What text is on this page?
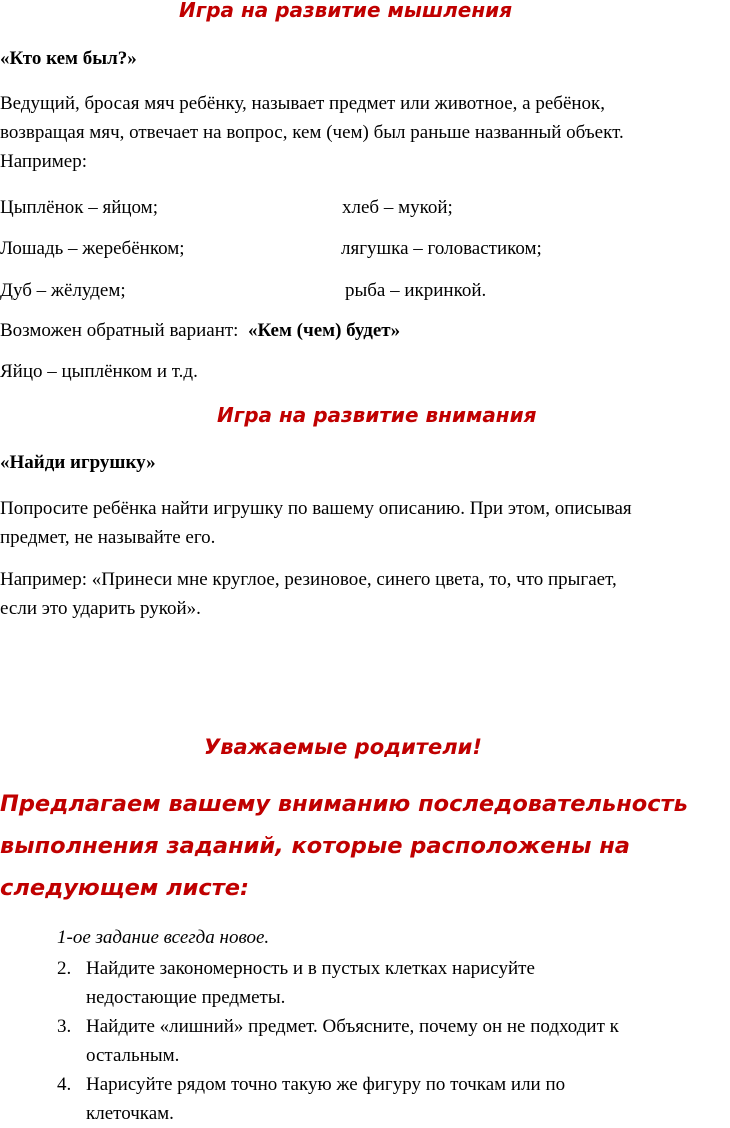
Игра на развитие мышления
«Кто кем был?»
Ведущий, бросая мяч ребёнку, называет предмет или животное, а ребёнок,
возвращая мяч, отвечает на вопрос, кем (чем) был раньше названный объект.
Например:
Цыплёнок – яйцом;	хлеб – мукой;
Лошадь – жеребёнком;	лягушка – головастиком;
Дуб – жёлудем;	рыба – икринкой.
Возможен обратный вариант:  «Кем (чем) будет»
Яйцо – цыплёнком и т.д.
Игра на развитие внимания
«Найди игрушку»
Попросите ребёнка найти игрушку по вашему описанию. При этом, описывая
предмет, не называйте его.
Например: «Принеси мне круглое, резиновое, синего цвета, то, что прыгает,
если это ударить рукой».
Уважаемые родители!
Предлагаем вашему вниманию последовательность
выполнения заданий, которые расположены на
следующем листе:
1-ое задание всегда новое.
2. Найдите закономерность и в пустых клетках нарисуйте
недостающие предметы.
3. Найдите «лишний» предмет. Объясните, почему он не подходит к
остальным.
4. Нарисуйте рядом точно такую же фигуру по точкам или по
клеточкам.
